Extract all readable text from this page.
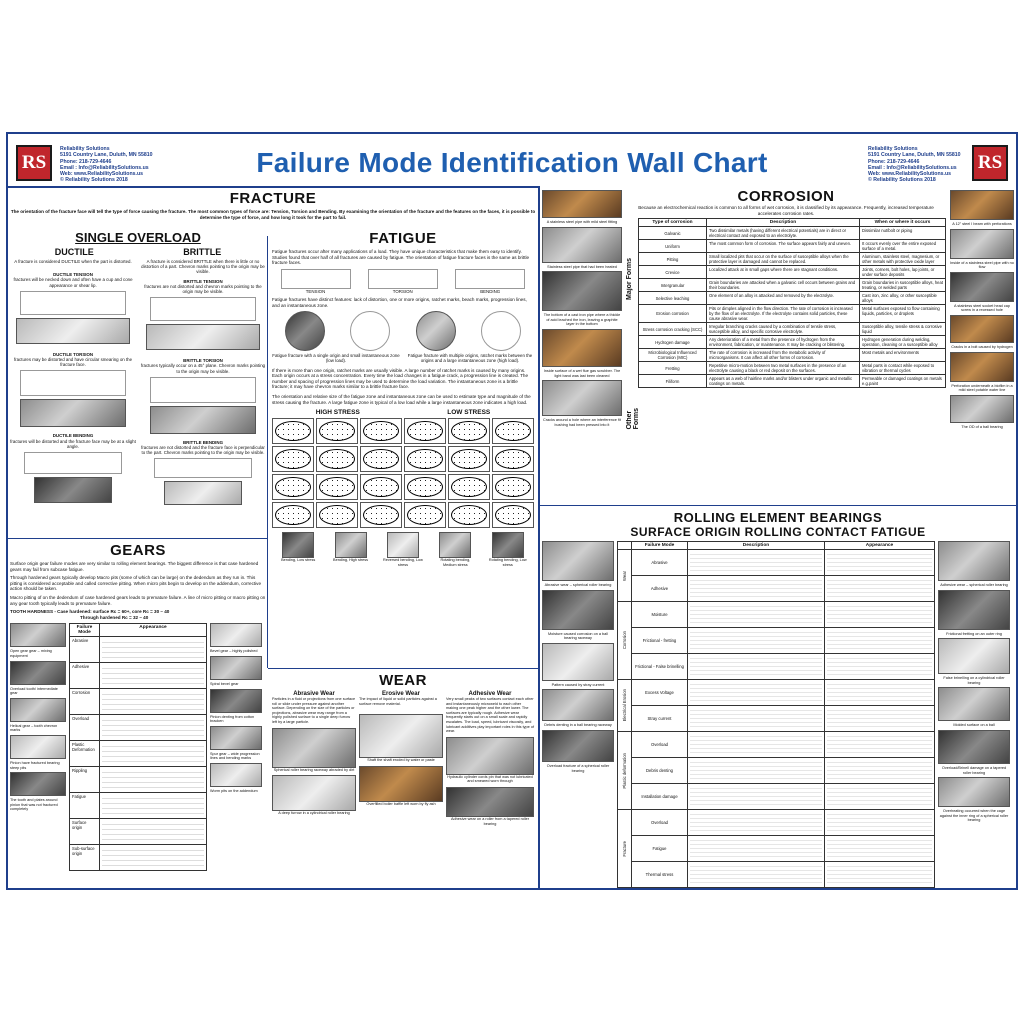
RS
Reliability Solutions
5191 Country Lane, Duluth, MN 55810
Phone: 218-729-4646
Email : Info@ReliabilitySolutions.us
Web: www.ReliabilitySolutions.us
© Reliability Solutions 2018
Failure Mode Identification Wall Chart	Reliability Solutions
5191 Country Lane, Duluth, MN 55810
Phone: 218-729-4646
Email : Info@ReliabilitySolutions.us
Web: www.ReliabilitySolutions.us
© Reliability Solutions 2018
RS
FRACTURE
The orientation of the fracture face will tell the type of force causing the fracture. The most common types of force are: Tension, Torsion and Bending. By examining the orientation of the fracture and the features on the faces, it is possible to determine the type of force, and how long it took for the part to fail.
SINGLE OVERLOAD
DUCTILE	BRITTLE
A fracture is considered DUCTILE when the part is distorted.
DUCTILE TENSION
fractures will be necked down and often have a cup and cone appearance or shear lip.
DUCTILE TORSION
fractures may be distorted and have circular smearing on the fracture face.
DUCTILE BENDING
fractures will be distorted and the fracture face may be at a slight angle.
A fracture is considered BRITTLE when there is little or no distortion of a part. Chevron marks pointing to the origin may be visible.
BRITTLE TENSION
fractures are not distorted and chevron marks pointing to the origin may be visible.
BRITTLE TORSION
fractures typically occur on a 45° plane. Chevron marks pointing to the origin may be visible.
BRITTLE BENDING
fractures are not distorted and the fracture face is perpendicular to the part. Chevron marks pointing to the origin may be visible.
FATIGUE
Fatigue fractures occur after many applications of a load. They have unique characteristics that make them easy to identify. Studies found that over half of all fractures are caused by fatigue. The orientation of fatigue fracture faces is the same as brittle fracture faces.
TENSION	TORSION	BENDING
Fatigue fractures have distinct features: lack of distortion, one or more origins, ratchet marks, beach marks, progression lines, and an instantaneous zone.
Fatigue fracture with a single origin and small instantaneous zone (low load).
Fatigue fracture with multiple origins, ratchet marks between the origins and a large instantaneous zone (high load).
If there is more than one origin, ratchet marks are usually visible. A large number of ratchet marks is caused by many origins. Each origin occurs at a stress concentration. Every time the load changes in a fatigue crack, a progression line is created. The number and spacing of progression lines may be used to determine the load variation. The instantaneous zone is a brittle fracture; it may have chevron marks similar to a brittle fracture face.
The orientation and relative size of the fatigue zone and instantaneous zone can be used to estimate type and magnitude of the stress causing the fracture. A large fatigue zone is typical of a low load while a large instantaneous zone indicates a high load.
HIGH STRESS	LOW STRESS
Bending, Low stress	Bending, High stress	Reversed bending, Low stress
Rotating bending, Medium stress
Rotating bending, Low stress
GEARS
Surface origin gear failure modes are very similar to rolling element bearings. The biggest difference is that case hardened gears may fail from subcase fatigue.
Through hardened gears typically develop Macro pits (some of which can be large) on the dedendum as they run in. This pitting is considered acceptable and called corrective pitting. When micro pits begin to develop on the addendum, corrective action should be taken.
Macro pitting of on the dedendum of case hardened gears leads to premature failure. A line of micro pitting or macro pitting on any gear tooth typically leads to premature failure.
TOOTH HARDNESS - Case hardened: surface Rc = 60+, core Rc = 30 – 40
Through hardened Rc = 32 – 40
Open gear gear – mixing equipment
Overload tooth/ intermediate gear
Helical gear – tooth chevron marks
Pinion have fractured bearing steep pits
The tooth and plates around pinion that was not fractured completely
Failure Mode	Appearance
Abrasive	

Adhesive	

Corrosion	

Overload	

Plastic Deformation	

Rippling	

Fatigue	

Surface origin	

Sub-surface origin	
Bevel gear – highly polished
Spiral bevel gear
Pinion denting from cotton bracken
Spur gear – wide progression lines and bending marks
Worm pits on the addendum
WEAR
Abrasive Wear
Particles in a fluid or projections from one surface roll or slide under pressure against another surface. Depending on the size of the particles or projections, abrasive wear may range from a highly polished surface to a single deep furrow left by a large particle.
Spherical roller bearing raceway abraded by dirt
A deep furrow in a cylindrical roller bearing
Erosive Wear
The impact of liquid or solid particles against a surface remove material.
Shaft the shaft eroded by water or paste
Overfilled boiler baffle left worn by fly ash
Adhesive Wear
Very small peaks of two surfaces contact each other and instantaneously microweld to each other making one peak higher and the other lower. The surfaces are typically rough. Adhesive wear frequently starts out on a small scale and rapidly escalates. The load, speed, lubricant viscosity, and lubricant additives play important roles in this type of wear.
Hydraulic cylinder cords pin that was not lubricated and smeared worn through
Adhesive wear on a roller from a tapered roller bearing
A stainless steel pipe with mild steel fitting
Stainless steel pipe that had been heated
The bottom of a cast iron pipe where a thickle of acid leached the iron, leaving a graphite layer in the bottom
Inside surface of a wet flue gas scrubber. The light band was last been cleaned
Cracks around a hole where an interference fit bushing had been pressed into it
CORROSION
Because an electrochemical reaction is common to all forms of wet corrosion, it is classified by its appearance. Frequently, increased temperature accelerates corrosion rates.
Major Forms
Other Forms
Type of corrosion	Description	When or where it occurs
Galvanic	Two dissimilar metals (having different electrical potentials) are in direct or electrical contact and exposed to an electrolyte.	Dissimilar nut/bolt or piping
Uniform	The most common form of corrosion. The surface appears fairly and uneven.	It occurs evenly over the entire exposed surface of a metal.
Pitting	Small localized pits that occur on the surface of susceptible alloys when the protective layer is damaged and cannot be replaced.	Aluminum, stainless steel, magnesium, or other metals with protective oxide layer
Crevice	Localized attack at in small gaps where there are stagnant conditions.	Joints, corners, bolt holes, lap joints, or under surface deposits
Intergranular	Grain boundaries are attacked when a galvanic cell occurs between grains and their boundaries.	Grain boundaries in susceptible alloys, heat treating, or welded parts
Selective leaching	One element of an alloy is attacked and removed by the electrolyte.	Cast iron, zinc alloy, or other susceptible alloys
Erosion corrosion	Pits or dimples aligned in the flow direction. The rate of corrosion is increased by the flow of an electrolyte. If the electrolyte contains solid particles, these cause abrasive wear.	Metal surfaces exposed to flow containing liquids, particles, or droplets
Stress corrosion cracking (SCC)	Irregular branching cracks caused by a combination of tensile stress, susceptible alloy, and specific corrosive electrolyte.	Susceptible alloy, tensile stress & corrosive liquid
Hydrogen damage	Any deterioration of a metal from the presence of hydrogen from the environment, fabrication, or maintenance. It may be cracking or blistering.	Hydrogen generation during welding, operation, cleaning or a susceptible alloy
Microbiological Influenced Corrosion (MIC)	The rate of corrosion is increased from the metabolic activity of microorganisms. It can affect all other forms of corrosion.	Most metals and environments
Fretting	Repetitive micro-motion between two metal surfaces in the presence of an electrolyte causing a black or red deposit on the surfaces.	Metal parts in contact while exposed to vibration or thermal cycles
Filiform	Appears as a web of hairline marks and/or blisters under organic and metallic coatings on metals.	Permeable or damaged coatings on metals e.g.paint
A 12" steel I beam with perforations
Inside of a stainless steel pipe with no flow
A stainless steel socket head cap screw in a recessed hole
Cracks in a bolt caused by hydrogen
Perforation underneath a biofilm in a mild steel potable water line
The OD of a ball bearing
ROLLING ELEMENT BEARINGS
SURFACE ORIGIN ROLLING CONTACT FATIGUE
Abrasive wear – spherical roller bearing
Moisture caused corrosion on a ball bearing raceway
Pattern caused by stray current
Debris denting in a ball bearing raceway
Overload fracture of a spherical roller bearing
	Failure Mode	Description	Appearance

Wear	Abrasive	

	Adhesive	

Corrosion	Moisture	

	Frictional - fretting	

	Frictional - False brinelling	

Electrical Erosion	Excess Voltage	

	Stray current	

Plastic deformation	Overload	

	Debris denting	

	Installation damage	

Fracture	Overload	

	Fatigue	

	Thermal stress	

Adhesive wear – spherical roller bearing
Frictional fretting on an outer ring
False brinelling on a cylindrical roller bearing
Molded surface on a ball
Overload/Brinell damage on a tapered roller bearing
Overheating occurred when the cage against the inner ring of a spherical roller bearing
